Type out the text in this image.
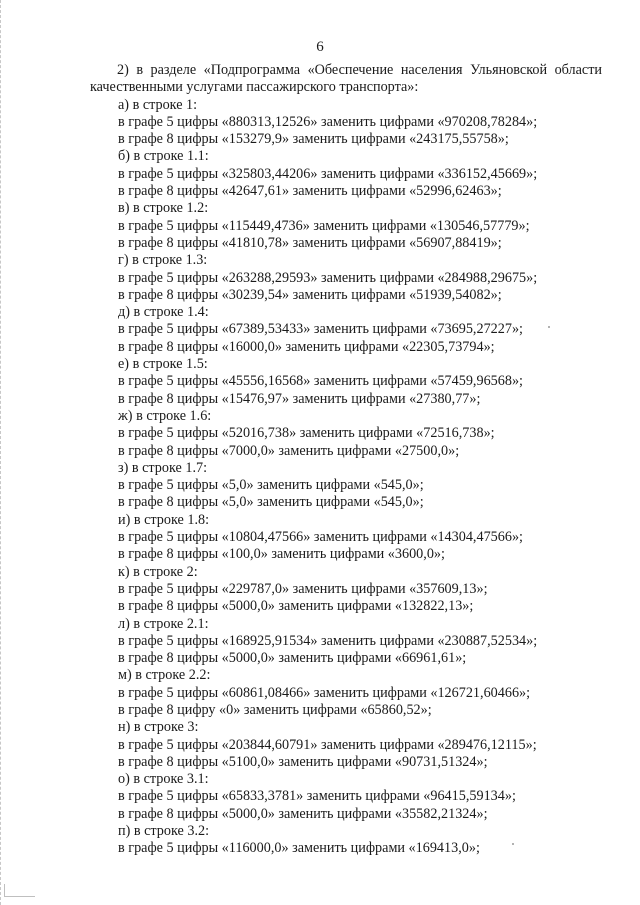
6

2) в разделе «Подпрограмма «Обеспечение населения Ульяновской области качественными услугами пассажирского транспорта»:

а) в строке 1:

в графе 5 цифры «880313,12526» заменить цифрами «970208,78284»;

в графе 8 цифры «153279,9» заменить цифрами «243175,55758»;

б) в строке 1.1:

в графе 5 цифры «325803,44206» заменить цифрами «336152,45669»;

в графе 8 цифры «42647,61» заменить цифрами «52996,62463»;

в) в строке 1.2:

в графе 5 цифры «115449,4736» заменить цифрами «130546,57779»;

в графе 8 цифры «41810,78» заменить цифрами «56907,88419»;

г) в строке 1.3:

в графе 5 цифры «263288,29593» заменить цифрами «284988,29675»;

в графе 8 цифры «30239,54» заменить цифрами «51939,54082»;

д) в строке 1.4:

в графе 5 цифры «67389,53433» заменить цифрами «73695,27227»;

в графе 8 цифры «16000,0» заменить цифрами «22305,73794»;

е) в строке 1.5:

в графе 5 цифры «45556,16568» заменить цифрами «57459,96568»;

в графе 8 цифры «15476,97» заменить цифрами «27380,77»;

ж) в строке 1.6:

в графе 5 цифры «52016,738» заменить цифрами «72516,738»;

в графе 8 цифры «7000,0» заменить цифрами «27500,0»;

з) в строке 1.7:

в графе 5 цифры «5,0» заменить цифрами «545,0»;

в графе 8 цифры «5,0» заменить цифрами «545,0»;

и) в строке 1.8:

в графе 5 цифры «10804,47566» заменить цифрами «14304,47566»;

в графе 8 цифры «100,0» заменить цифрами «3600,0»;

к) в строке 2:

в графе 5 цифры «229787,0» заменить цифрами «357609,13»;

в графе 8 цифры «5000,0» заменить цифрами «132822,13»;

л) в строке 2.1:

в графе 5 цифры «168925,91534» заменить цифрами «230887,52534»;

в графе 8 цифры «5000,0» заменить цифрами «66961,61»;

м) в строке 2.2:

в графе 5 цифры «60861,08466» заменить цифрами «126721,60466»;

в графе 8 цифру «0» заменить цифрами «65860,52»;

н) в строке 3:

в графе 5 цифры «203844,60791» заменить цифрами «289476,12115»;

в графе 8 цифры «5100,0» заменить цифрами «90731,51324»;

о) в строке 3.1:

в графе 5 цифры «65833,3781» заменить цифрами «96415,59134»;

в графе 8 цифры «5000,0» заменить цифрами «35582,21324»;

п) в строке 3.2:

в графе 5 цифры «116000,0» заменить цифрами «169413,0»;
